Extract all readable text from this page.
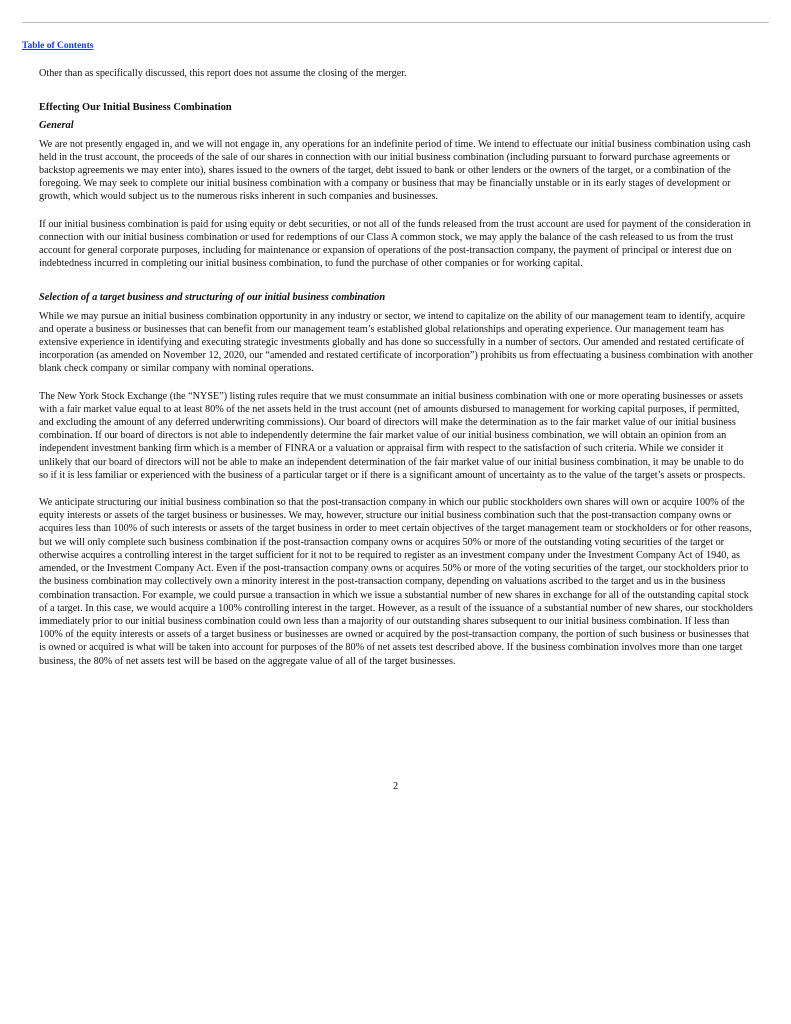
Table of Contents

Other than as specifically discussed, this report does not assume the closing of the merger.

Effecting Our Initial Business Combination

General

We are not presently engaged in, and we will not engage in, any operations for an indefinite period of time. We intend to effectuate our initial business combination using cash held in the trust account, the proceeds of the sale of our shares in connection with our initial business combination (including pursuant to forward purchase agreements or backstop agreements we may enter into), shares issued to the owners of the target, debt issued to bank or other lenders or the owners of the target, or a combination of the foregoing. We may seek to complete our initial business combination with a company or business that may be financially unstable or in its early stages of development or growth, which would subject us to the numerous risks inherent in such companies and businesses.

If our initial business combination is paid for using equity or debt securities, or not all of the funds released from the trust account are used for payment of the consideration in connection with our initial business combination or used for redemptions of our Class A common stock, we may apply the balance of the cash released to us from the trust account for general corporate purposes, including for maintenance or expansion of operations of the post-transaction company, the payment of principal or interest due on indebtedness incurred in completing our initial business combination, to fund the purchase of other companies or for working capital.

Selection of a target business and structuring of our initial business combination

While we may pursue an initial business combination opportunity in any industry or sector, we intend to capitalize on the ability of our management team to identify, acquire and operate a business or businesses that can benefit from our management team’s established global relationships and operating experience. Our management team has extensive experience in identifying and executing strategic investments globally and has done so successfully in a number of sectors. Our amended and restated certificate of incorporation (as amended on November 12, 2020, our “amended and restated certificate of incorporation”) prohibits us from effectuating a business combination with another blank check company or similar company with nominal operations.

The New York Stock Exchange (the “NYSE”) listing rules require that we must consummate an initial business combination with one or more operating businesses or assets with a fair market value equal to at least 80% of the net assets held in the trust account (net of amounts disbursed to management for working capital purposes, if permitted, and excluding the amount of any deferred underwriting commissions). Our board of directors will make the determination as to the fair market value of our initial business combination. If our board of directors is not able to independently determine the fair market value of our initial business combination, we will obtain an opinion from an independent investment banking firm which is a member of FINRA or a valuation or appraisal firm with respect to the satisfaction of such criteria. While we consider it unlikely that our board of directors will not be able to make an independent determination of the fair market value of our initial business combination, it may be unable to do so if it is less familiar or experienced with the business of a particular target or if there is a significant amount of uncertainty as to the value of the target’s assets or prospects.

We anticipate structuring our initial business combination so that the post-transaction company in which our public stockholders own shares will own or acquire 100% of the equity interests or assets of the target business or businesses. We may, however, structure our initial business combination such that the post-transaction company owns or acquires less than 100% of such interests or assets of the target business in order to meet certain objectives of the target management team or stockholders or for other reasons, but we will only complete such business combination if the post-transaction company owns or acquires 50% or more of the outstanding voting securities of the target or otherwise acquires a controlling interest in the target sufficient for it not to be required to register as an investment company under the Investment Company Act of 1940, as amended, or the Investment Company Act. Even if the post-transaction company owns or acquires 50% or more of the voting securities of the target, our stockholders prior to the business combination may collectively own a minority interest in the post-transaction company, depending on valuations ascribed to the target and us in the business combination transaction. For example, we could pursue a transaction in which we issue a substantial number of new shares in exchange for all of the outstanding capital stock of a target. In this case, we would acquire a 100% controlling interest in the target. However, as a result of the issuance of a substantial number of new shares, our stockholders immediately prior to our initial business combination could own less than a majority of our outstanding shares subsequent to our initial business combination. If less than 100% of the equity interests or assets of a target business or businesses are owned or acquired by the post-transaction company, the portion of such business or businesses that is owned or acquired is what will be taken into account for purposes of the 80% of net assets test described above. If the business combination involves more than one target business, the 80% of net assets test will be based on the aggregate value of all of the target businesses.

2
